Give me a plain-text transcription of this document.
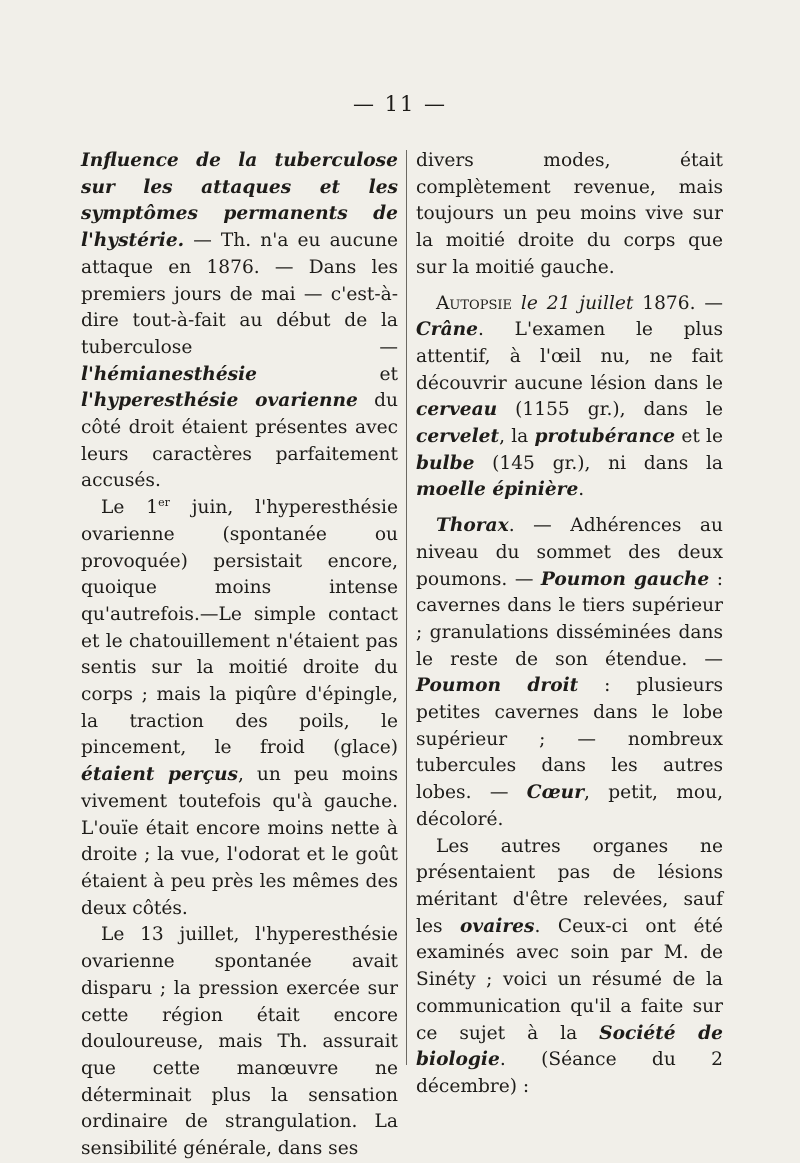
— 11 —

Influence de la tuberculose sur les attaques et les symptômes permanents de l'hystérie. — Th. n'a eu aucune attaque en 1876. — Dans les premiers jours de mai — c'est-à-dire tout-à-fait au début de la tuberculose — l'hémianesthésie et l'hyperesthésie ovarienne du côté droit étaient présentes avec leurs caractères parfaitement accusés.

Le 1er juin, l'hyperesthésie ovarienne (spontanée ou provoquée) persistait encore, quoique moins intense qu'autrefois.—Le simple contact et le chatouillement n'étaient pas sentis sur la moitié droite du corps ; mais la piqûre d'épingle, la traction des poils, le pincement, le froid (glace) étaient perçus, un peu moins vivement toutefois qu'à gauche. L'ouïe était encore moins nette à droite ; la vue, l'odorat et le goût étaient à peu près les mêmes des deux côtés.

Le 13 juillet, l'hyperesthésie ovarienne spontanée avait disparu ; la pression exercée sur cette région était encore douloureuse, mais Th. assurait que cette manœuvre ne déterminait plus la sensation ordinaire de strangulation. La sensibilité générale, dans ses

divers modes, était complètement revenue, mais toujours un peu moins vive sur la moitié droite du corps que sur la moitié gauche.

Autopsie le 21 juillet 1876. — Crâne. L'examen le plus attentif, à l'œil nu, ne fait découvrir aucune lésion dans le cerveau (1155 gr.), dans le cervelet, la protubérance et le bulbe (145 gr.), ni dans la moelle épinière.

Thorax. — Adhérences au niveau du sommet des deux poumons. — Poumon gauche : cavernes dans le tiers supérieur ; granulations disséminées dans le reste de son étendue. — Poumon droit : plusieurs petites cavernes dans le lobe supérieur ; — nombreux tubercules dans les autres lobes. — Cœur, petit, mou, décoloré.

Les autres organes ne présentaient pas de lésions méritant d'être relevées, sauf les ovaires. Ceux-ci ont été examinés avec soin par M. de Sinéty ; voici un résumé de la communication qu'il a faite sur ce sujet à la Société de biologie. (Séance du 2 décembre) :
